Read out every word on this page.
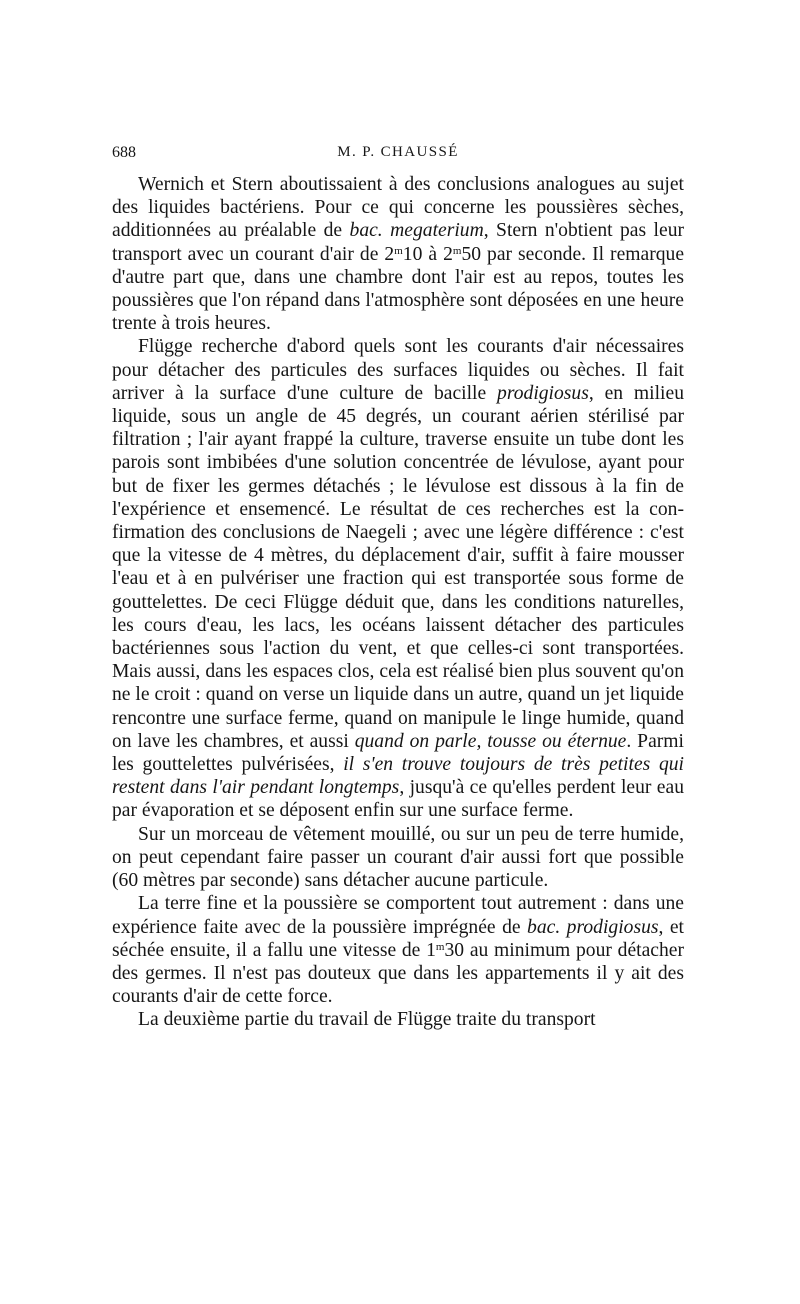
688	M. P. CHAUSSÉ

Wernich et Stern aboutissaient à des conclusions analogues au sujet des liquides bactériens. Pour ce qui concerne les poussières sèches, additionnées au préalable de bac. megaterium, Stern n'obtient pas leur transport avec un courant d'air de 2$^m$10 à 2$^m$50 par seconde. Il remarque d'autre part que, dans une chambre dont l'air est au repos, toutes les poussières que l'on répand dans l'atmosphère sont déposées en une heure trente à trois heures.

Flügge recherche d'abord quels sont les courants d'air nécessaires pour détacher des particules des surfaces liquides ou sèches. Il fait arriver à la surface d'une culture de bacille prodigiosus, en milieu liquide, sous un angle de 45 degrés, un courant aérien stérilisé par filtration ; l'air ayant frappé la culture, traverse ensuite un tube dont les parois sont imbibées d'une solution concentrée de lévulose, ayant pour but de fixer les germes détachés ; le lévulose est dissous à la fin de l'expérience et ensemencé. Le résultat de ces recherches est la confirmation des conclusions de Naegeli ; avec une légère différence : c'est que la vitesse de 4 mètres, du déplacement d'air, suffit à faire mousser l'eau et à en pulvériser une fraction qui est transportée sous forme de gouttelettes. De ceci Flügge déduit que, dans les conditions naturelles, les cours d'eau, les lacs, les océans laissent détacher des particules bactériennes sous l'action du vent, et que celles-ci sont transportées. Mais aussi, dans les espaces clos, cela est réalisé bien plus souvent qu'on ne le croit : quand on verse un liquide dans un autre, quand un jet liquide rencontre une surface ferme, quand on manipule le linge humide, quand on lave les chambres, et aussi quand on parle, tousse ou éternue. Parmi les gouttelettes pulvérisées, il s'en trouve toujours de très petites qui restent dans l'air pendant longtemps, jusqu'à ce qu'elles perdent leur eau par évaporation et se déposent enfin sur une surface ferme.

Sur un morceau de vêtement mouillé, ou sur un peu de terre humide, on peut cependant faire passer un courant d'air aussi fort que possible (60 mètres par seconde) sans détacher aucune particule.

La terre fine et la poussière se comportent tout autrement : dans une expérience faite avec de la poussière imprégnée de bac. prodigiosus, et séchée ensuite, il a fallu une vitesse de 1$^m$30 au minimum pour détacher des germes. Il n'est pas douteux que dans les appartements il y ait des courants d'air de cette force.

La deuxième partie du travail de Flügge traite du transport
